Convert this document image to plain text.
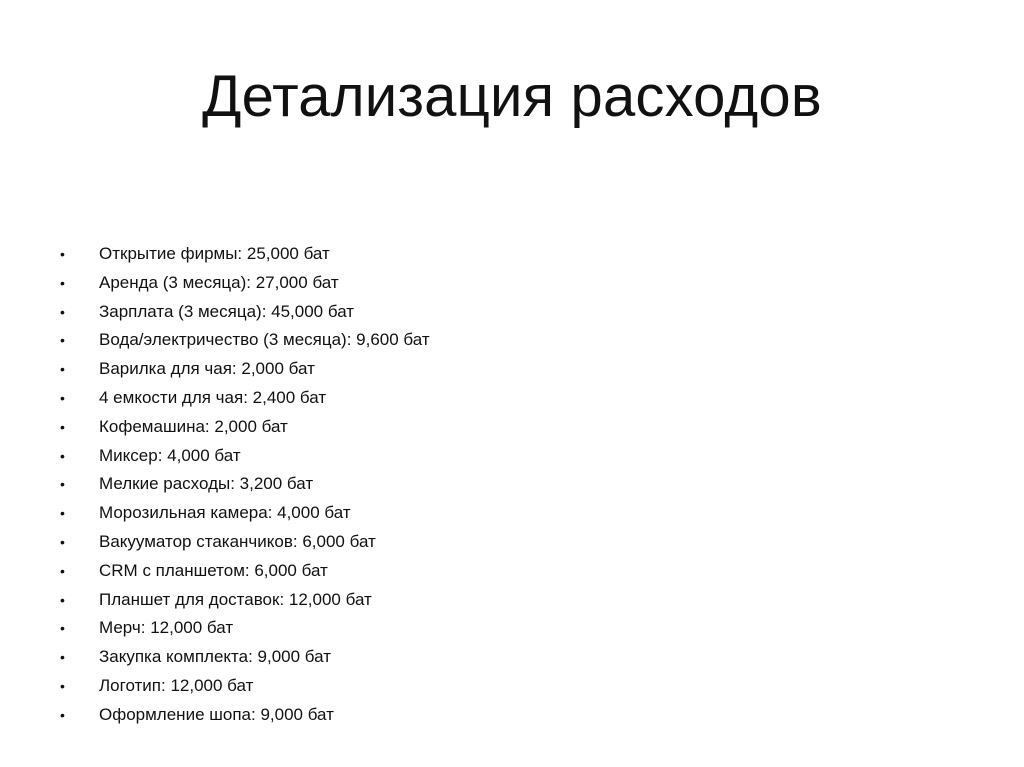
Детализация расходов
•	Открытие фирмы: 25,000 бат
•	Аренда (3 месяца): 27,000 бат
•	Зарплата (3 месяца): 45,000 бат
•	Вода/электричество (3 месяца): 9,600 бат
•	Варилка для чая: 2,000 бат
•	4 емкости для чая: 2,400 бат
•	Кофемашина: 2,000 бат
•	Миксер: 4,000 бат
•	Мелкие расходы: 3,200 бат
•	Морозильная камера: 4,000 бат
•	Вакууматор стаканчиков: 6,000 бат
•	CRM с планшетом: 6,000 бат
•	Планшет для доставок: 12,000 бат
•	Мерч: 12,000 бат
•	Закупка комплекта: 9,000 бат
•	Логотип: 12,000 бат
•	Оформление шопа: 9,000 бат
